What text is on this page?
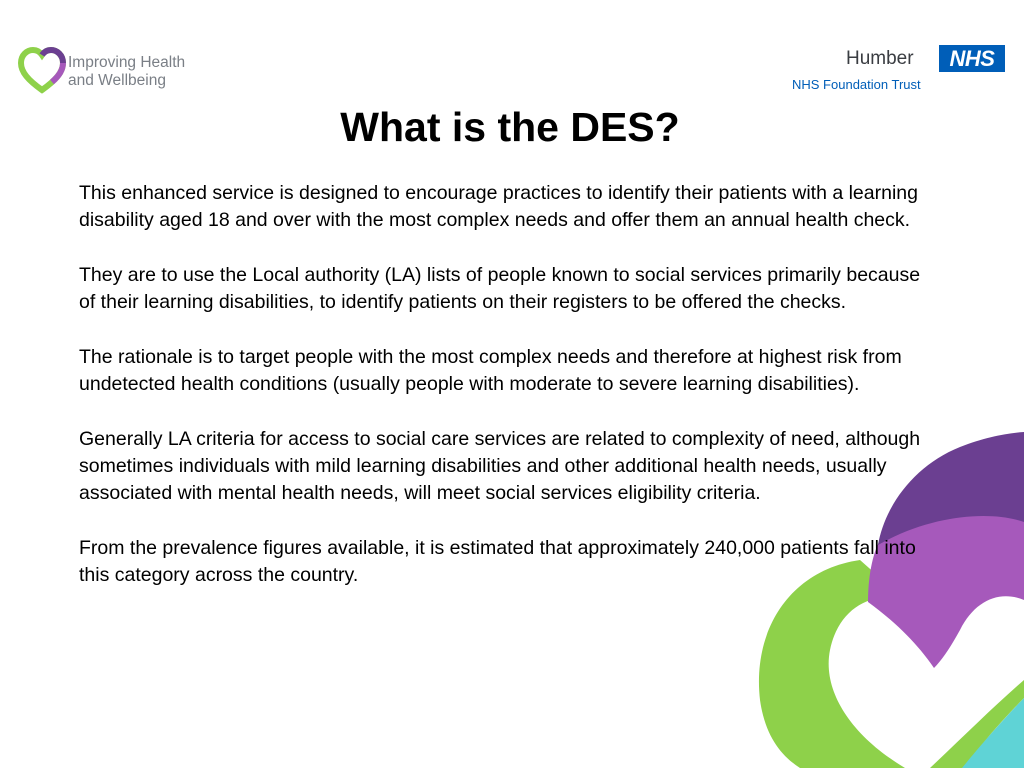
Improving Health
and Wellbeing
Humber	NHS
NHS Foundation Trust
What is the DES?

This enhanced service is designed to encourage practices to identify their patients with a learning disability aged 18 and over with the most complex needs and offer them an annual health check.

They are to use the Local authority (LA) lists of people known to social services primarily because of their learning disabilities, to identify patients on their registers to be offered the checks.

The rationale is to target people with the most complex needs and therefore at highest risk from undetected health conditions (usually people with moderate to severe learning disabilities).

Generally LA criteria for access to social care services are related to complexity of need, although sometimes individuals with mild learning disabilities and other additional health needs, usually associated with mental health needs, will meet social services eligibility criteria.

From the prevalence figures available, it is estimated that approximately 240,000 patients fall into this category across the country.
